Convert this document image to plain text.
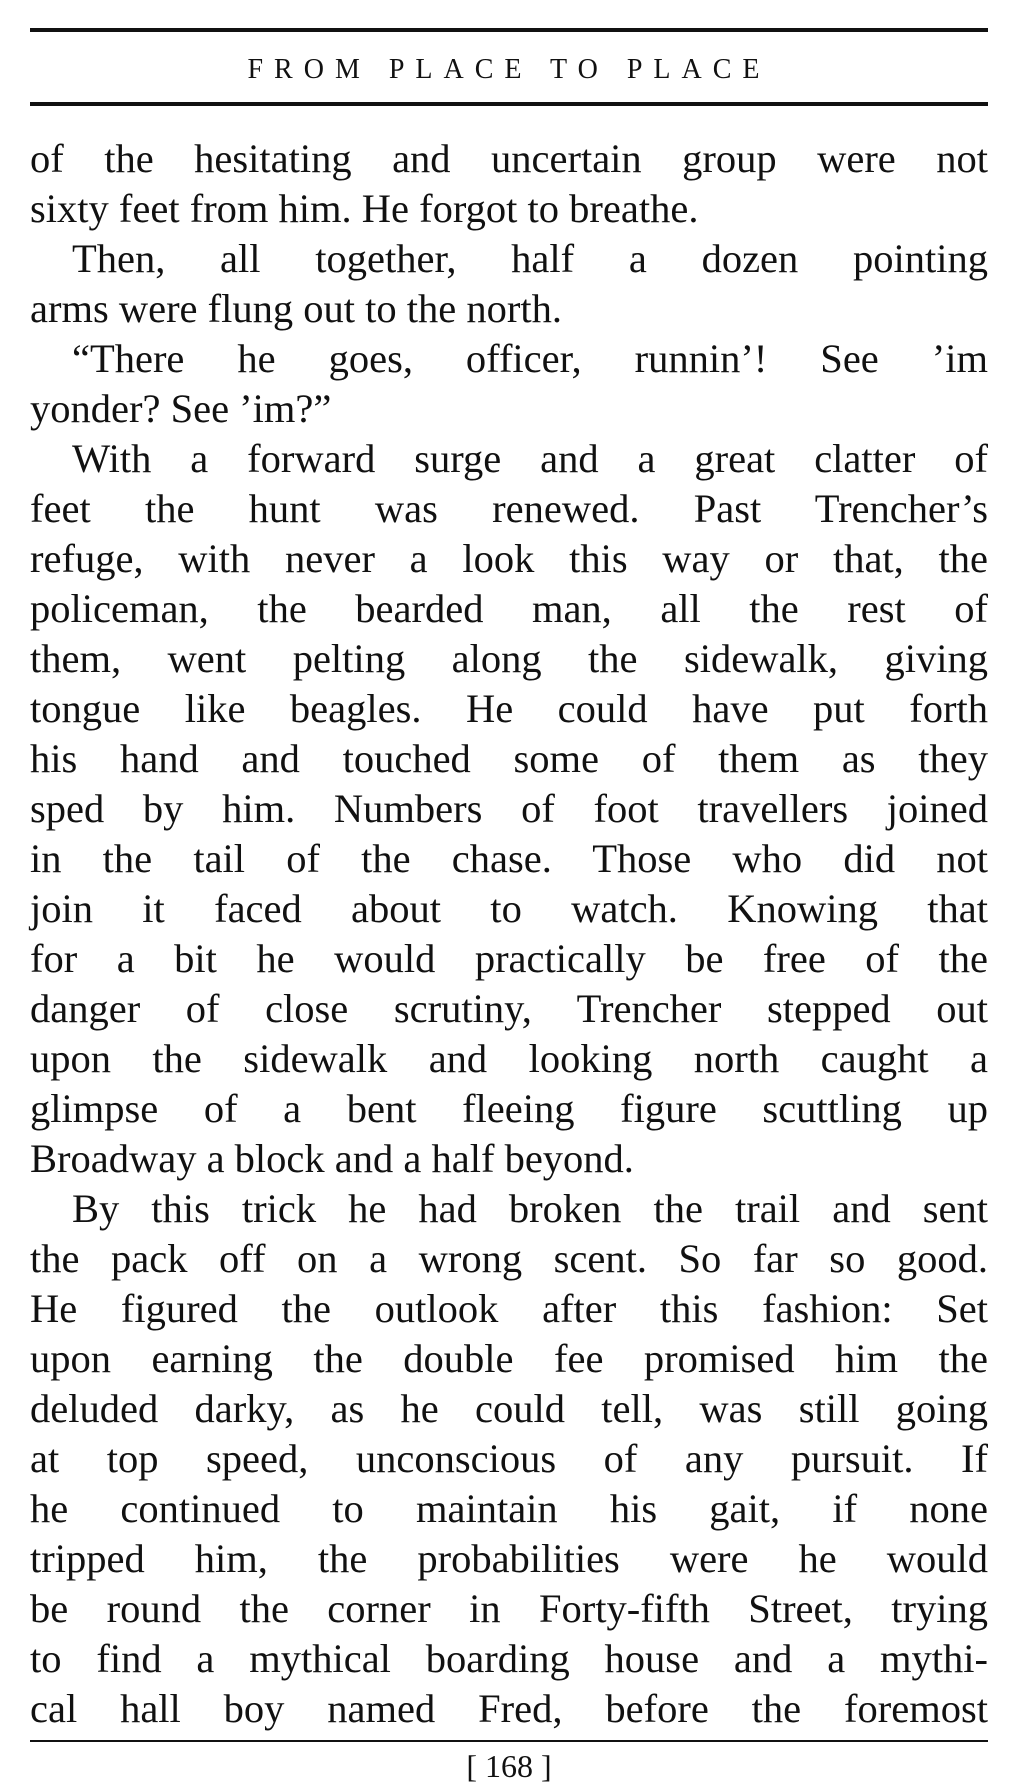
FROM PLACE TO PLACE
of the hesitating and uncertain group were not
sixty feet from him. He forgot to breathe.
Then, all together, half a dozen pointing
arms were flung out to the north.
“There he goes, officer, runnin’! See ’im
yonder? See ’im?”
With a forward surge and a great clatter of
feet the hunt was renewed. Past Trencher’s
refuge, with never a look this way or that, the
policeman, the bearded man, all the rest of
them, went pelting along the sidewalk, giving
tongue like beagles. He could have put forth
his hand and touched some of them as they
sped by him. Numbers of foot travellers joined
in the tail of the chase. Those who did not
join it faced about to watch. Knowing that
for a bit he would practically be free of the
danger of close scrutiny, Trencher stepped out
upon the sidewalk and looking north caught a
glimpse of a bent fleeing figure scuttling up
Broadway a block and a half beyond.
By this trick he had broken the trail and sent
the pack off on a wrong scent. So far so good.
He figured the outlook after this fashion: Set
upon earning the double fee promised him the
deluded darky, as he could tell, was still going
at top speed, unconscious of any pursuit. If
he continued to maintain his gait, if none
tripped him, the probabilities were he would
be round the corner in Forty-fifth Street, trying
to find a mythical boarding house and a mythi-
cal hall boy named Fred, before the foremost
[ 168 ]
